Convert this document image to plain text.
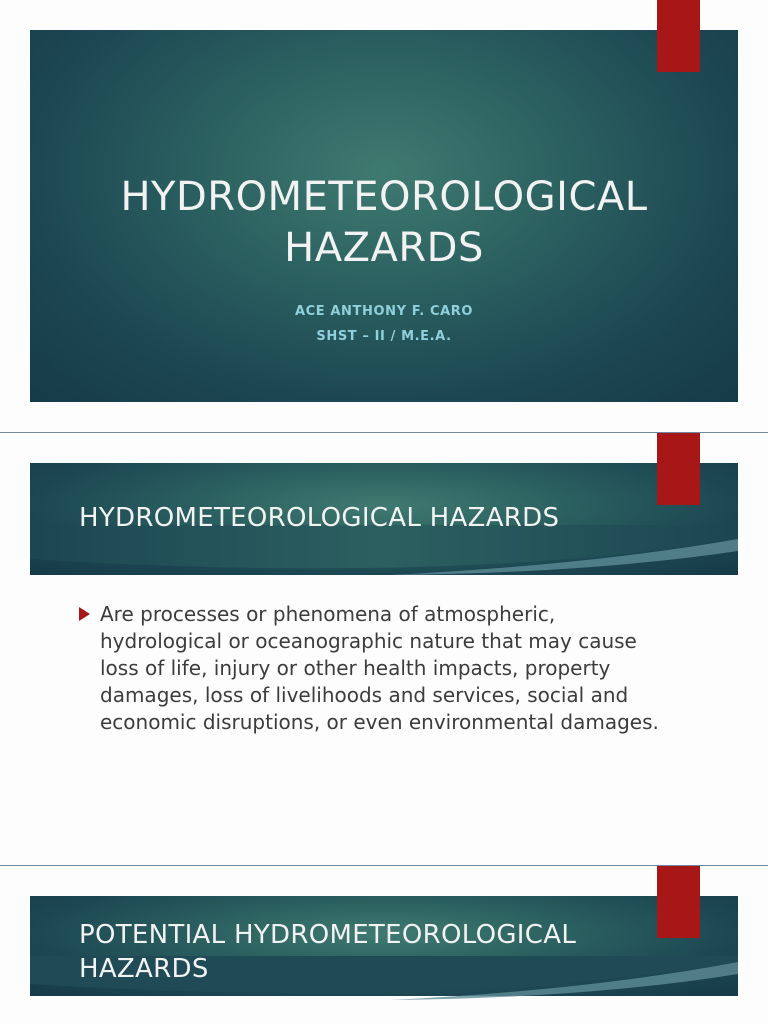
HYDROMETEOROLOGICAL
HAZARDS
ACE ANTHONY F. CARO
SHST – II / M.E.A.
HYDROMETEOROLOGICAL HAZARDS
Are processes or phenomena of atmospheric, hydrological or oceanographic nature that may cause loss of life, injury or other health impacts, property damages, loss of livelihoods and services, social and economic disruptions, or even environmental damages.
POTENTIAL HYDROMETEOROLOGICAL
HAZARDS
